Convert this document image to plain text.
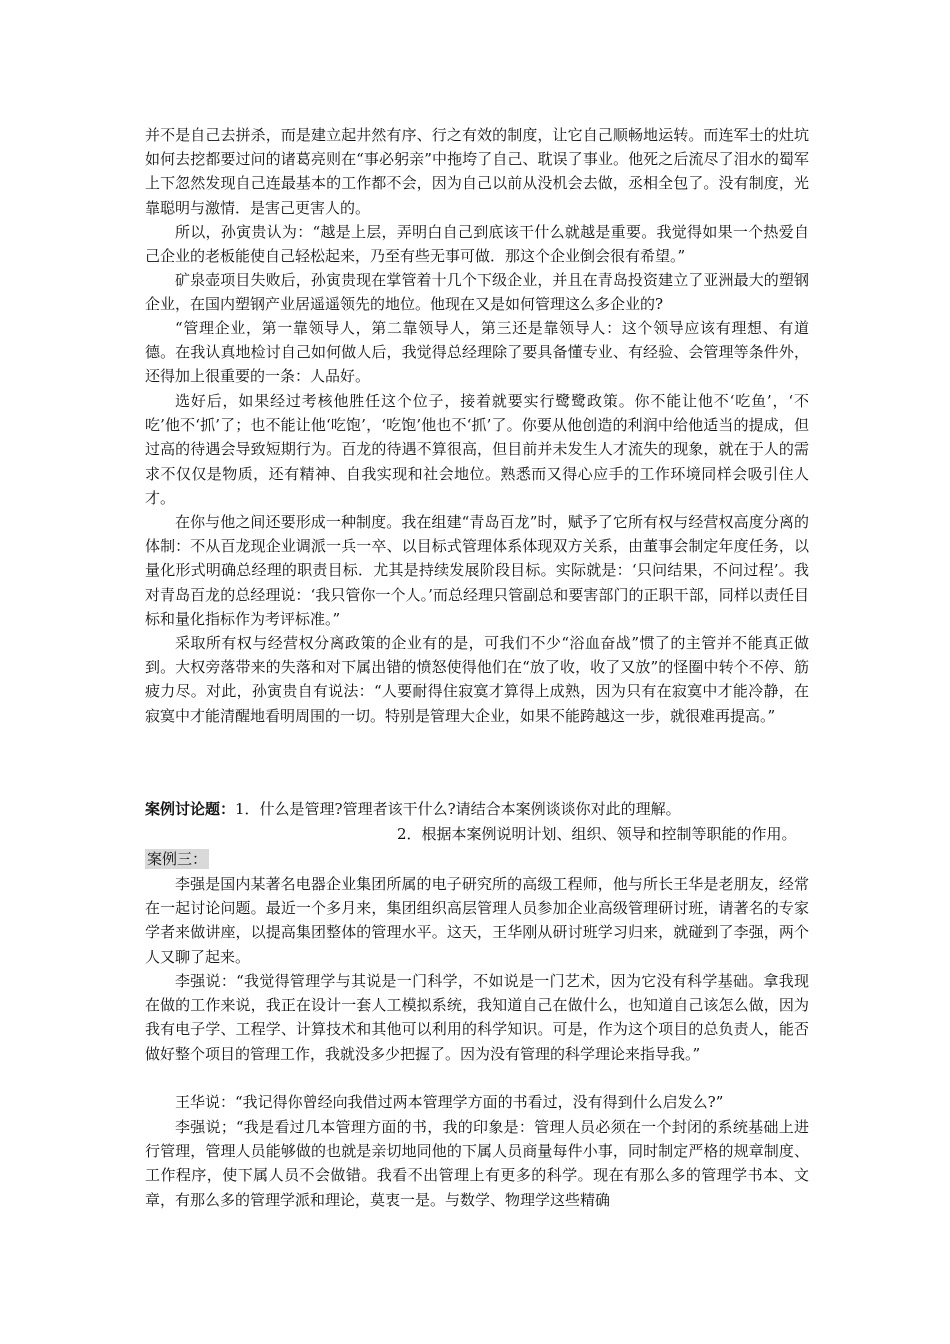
并不是自己去拼杀，而是建立起井然有序、行之有效的制度，让它自己顺畅地运转。而连军士的灶坑如何去挖都要过问的诸葛亮则在“事必躬亲”中拖垮了自己、耽误了事业。他死之后流尽了泪水的蜀军上下忽然发现自己连最基本的工作都不会，因为自己以前从没机会去做，丞相全包了。没有制度，光靠聪明与激情．是害己更害人的。

所以，孙寅贵认为：“越是上层，弄明白自己到底该干什么就越是重要。我觉得如果一个热爱自己企业的老板能使自己轻松起来，乃至有些无事可做．那这个企业倒会很有希望。”

矿泉壶项目失败后，孙寅贵现在掌管着十几个下级企业，并且在青岛投资建立了亚洲最大的塑钢企业，在国内塑钢产业居遥遥领先的地位。他现在又是如何管理这么多企业的?

“管理企业，第一靠领导人，第二靠领导人，第三还是靠领导人：这个领导应该有理想、有道德。在我认真地检讨自己如何做人后，我觉得总经理除了要具备懂专业、有经验、会管理等条件外，还得加上很重要的一条：人品好。

选好后，如果经过考核他胜任这个位子，接着就要实行鹭鹭政策。你不能让他不‘吃鱼’，‘不吃’他不‘抓’了；也不能让他‘吃饱’，‘吃饱’他也不‘抓’了。你要从他创造的利润中给他适当的提成，但过高的待遇会导致短期行为。百龙的待遇不算很高，但目前并未发生人才流失的现象，就在于人的需求不仅仅是物质，还有精神、自我实现和社会地位。熟悉而又得心应手的工作环境同样会吸引住人才。

在你与他之间还要形成一种制度。我在组建“青岛百龙”时，赋予了它所有权与经营权高度分离的体制：不从百龙现企业调派一兵一卒、以目标式管理体系体现双方关系，由董事会制定年度任务，以量化形式明确总经理的职责目标．尤其是持续发展阶段目标。实际就是：‘只问结果，不问过程’。我对青岛百龙的总经理说：‘我只管你一个人。’而总经理只管副总和要害部门的正职干部，同样以责任目标和量化指标作为考评标准。”

采取所有权与经营权分离政策的企业有的是，可我们不少“浴血奋战”惯了的主管并不能真正做到。大权旁落带来的失落和对下属出错的愤怒使得他们在“放了收，收了又放”的怪圈中转个不停、筋疲力尽。对此，孙寅贵自有说法：“人要耐得住寂寞才算得上成熟，因为只有在寂寞中才能冷静，在寂寞中才能清醒地看明周围的一切。特别是管理大企业，如果不能跨越这一步，就很难再提高。”

案例讨论题：1．什么是管理?管理者该干什么?请结合本案例谈谈你对此的理解。
2．根据本案例说明计划、组织、领导和控制等职能的作用。
案例三：

李强是国内某著名电器企业集团所属的电子研究所的高级工程师，他与所长王华是老朋友，经常在一起讨论问题。最近一个多月来，集团组织高层管理人员参加企业高级管理研讨班，请著名的专家学者来做讲座，以提高集团整体的管理水平。这天，王华刚从研讨班学习归来，就碰到了李强，两个人又聊了起来。

李强说：“我觉得管理学与其说是一门科学，不如说是一门艺术，因为它没有科学基础。拿我现在做的工作来说，我正在设计一套人工模拟系统，我知道自己在做什么，也知道自己该怎么做，因为我有电子学、工程学、计算技术和其他可以利用的科学知识。可是，作为这个项目的总负责人，能否做好整个项目的管理工作，我就没多少把握了。因为没有管理的科学理论来指导我。”

王华说：“我记得你曾经向我借过两本管理学方面的书看过，没有得到什么启发么?”

李强说；“我是看过几本管理方面的书，我的印象是：管理人员必须在一个封闭的系统基础上进行管理，管理人员能够做的也就是亲切地同他的下属人员商量每件小事，同时制定严格的规章制度、工作程序，使下属人员不会做错。我看不出管理上有更多的科学。现在有那么多的管理学书本、文章，有那么多的管理学派和理论，莫衷一是。与数学、物理学这些精确
